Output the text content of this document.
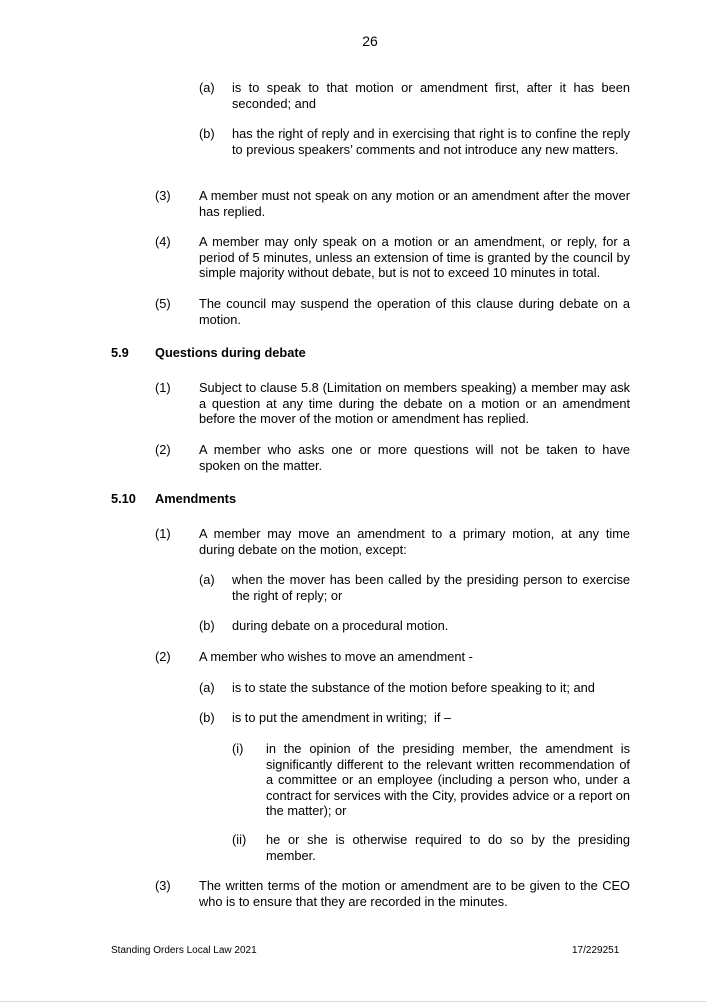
26
(a) is to speak to that motion or amendment first, after it has been seconded; and
(b) has the right of reply and in exercising that right is to confine the reply to previous speakers’ comments and not introduce any new matters.
(3) A member must not speak on any motion or an amendment after the mover has replied.
(4) A member may only speak on a motion or an amendment, or reply, for a period of 5 minutes, unless an extension of time is granted by the council by simple majority without debate, but is not to exceed 10 minutes in total.
(5) The council may suspend the operation of this clause during debate on a motion.
5.9 Questions during debate
(1) Subject to clause 5.8 (Limitation on members speaking) a member may ask a question at any time during the debate on a motion or an amendment before the mover of the motion or amendment has replied.
(2) A member who asks one or more questions will not be taken to have spoken on the matter.
5.10 Amendments
(1) A member may move an amendment to a primary motion, at any time during debate on the motion, except:
(a) when the mover has been called by the presiding person to exercise the right of reply; or
(b) during debate on a procedural motion.
(2) A member who wishes to move an amendment -
(a) is to state the substance of the motion before speaking to it; and
(b) is to put the amendment in writing;  if –
(i) in the opinion of the presiding member, the amendment is significantly different to the relevant written recommendation of a committee or an employee (including a person who, under a contract for services with the City, provides advice or a report on the matter); or
(ii) he or she is otherwise required to do so by the presiding member.
(3) The written terms of the motion or amendment are to be given to the CEO who is to ensure that they are recorded in the minutes.
Standing Orders Local Law 2021	17/229251
